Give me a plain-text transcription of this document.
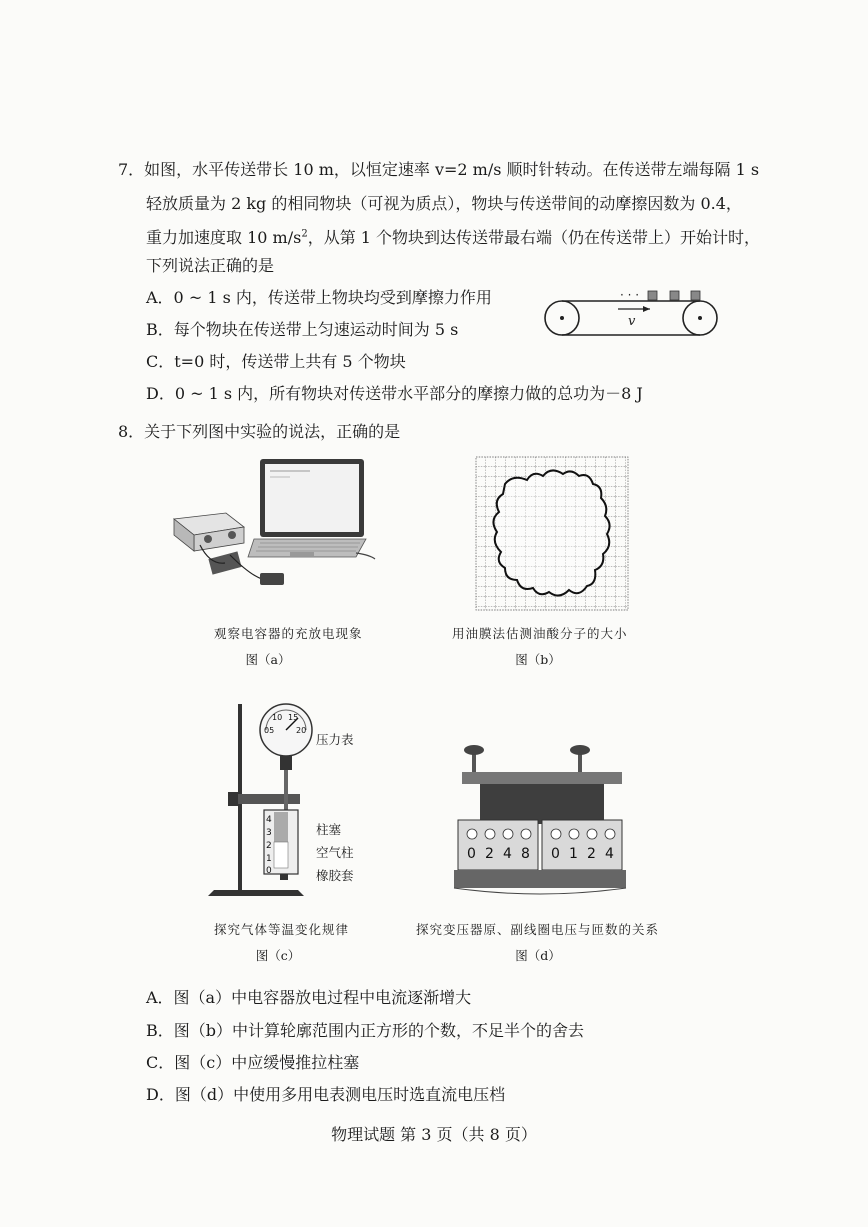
7．如图，水平传送带长 10 m，以恒定速率 v=2 m/s 顺时针转动。在传送带左端每隔 1 s
轻放质量为 2 kg 的相同物块（可视为质点），物块与传送带间的动摩擦因数为 0.4，
重力加速度取 10 $m/s^2$，从第 1 个物块到达传送带最右端（仍在传送带上）开始计时，
下列说法正确的是
A．0 ~ 1 s 内，传送带上物块均受到摩擦力作用
B．每个物块在传送带上匀速运动时间为 5 s
C．t=0 时，传送带上共有 5 个物块
D．0 ~ 1 s 内，所有物块对传送带水平部分的摩擦力做的总功为－8 J
· · ·
v
8．关于下列图中实验的说法，正确的是
观察电容器的充放电现象
图（a）
用油膜法估测油酸分子的大小
图（b）
05
10 15
20
4
3
2
1
0
压力表
柱塞
空气柱
橡胶套
探究气体等温变化规律
图（c）
0 2 4 8 0 1 2 4
探究变压器原、副线圈电压与匝数的关系
图（d）
A．图（a）中电容器放电过程中电流逐渐增大
B．图（b）中计算轮廓范围内正方形的个数，不足半个的舍去
C．图（c）中应缓慢推拉柱塞
D．图（d）中使用多用电表测电压时选直流电压档
物理试题 第 3 页（共 8 页）
